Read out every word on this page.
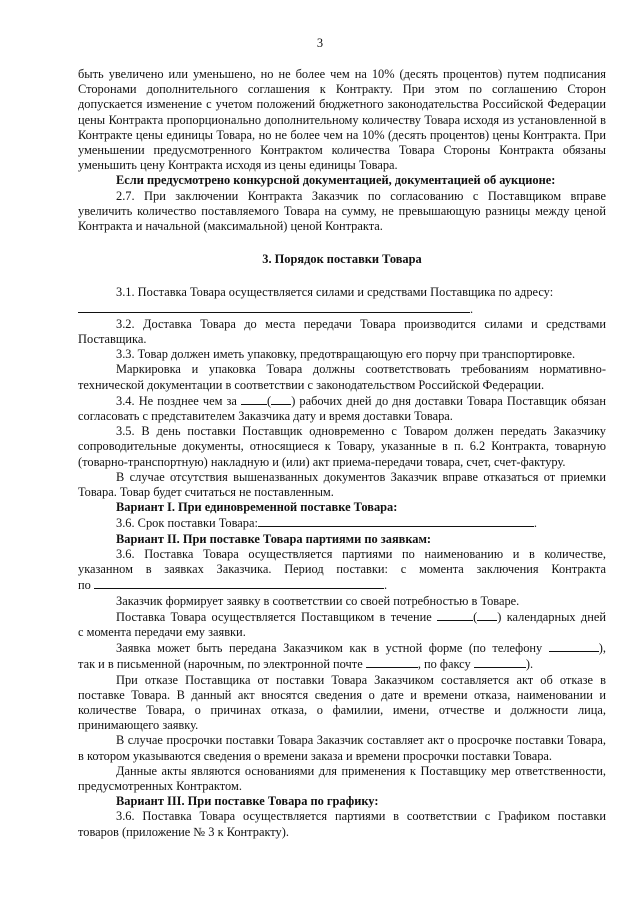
3

быть увеличено или уменьшено, но не более чем на 10% (десять процентов) путем подписания Сторонами дополнительного соглашения к Контракту. При этом по соглашению Сторон допускается изменение с учетом положений бюджетного законодательства Российской Федерации цены Контракта пропорционально дополнительному количеству Товара исходя из установленной в Контракте цены единицы Товара, но не более чем на 10% (десять процентов) цены Контракта. При уменьшении предусмотренного Контрактом количества Товара Стороны Контракта обязаны уменьшить цену Контракта исходя из цены единицы Товара.

Если предусмотрено конкурсной документацией, документацией об аукционе:

2.7. При заключении Контракта Заказчик по согласованию с Поставщиком вправе увеличить количество поставляемого Товара на сумму, не превышающую разницы между ценой Контракта и начальной (максимальной) ценой Контракта.

3. Порядок поставки Товара

3.1. Поставка Товара осуществляется силами и средствами Поставщика по адресу:

.

3.2. Доставка Товара до места передачи Товара производится силами и средствами Поставщика.

3.3. Товар должен иметь упаковку, предотвращающую его порчу при транспортировке.

Маркировка и упаковка Товара должны соответствовать требованиям нормативно-технической документации в соответствии с законодательством Российской Федерации.

3.4. Не позднее чем за ( ) рабочих дней до дня доставки Товара Поставщик обязан согласовать с представителем Заказчика дату и время доставки Товара.

3.5. В день поставки Поставщик одновременно с Товаром должен передать Заказчику сопроводительные документы, относящиеся к Товару, указанные в п. 6.2 Контракта, товарную (товарно-транспортную) накладную и (или) акт приема-передачи товара, счет, счет-фактуру.

В случае отсутствия вышеназванных документов Заказчик вправе отказаться от приемки Товара. Товар будет считаться не поставленным.

Вариант I. При единовременной поставке Товара:

3.6. Срок поставки Товара:	.

Вариант II. При поставке Товара партиями по заявкам:

3.6. Поставка Товара осуществляется партиями по наименованию и в количестве,

указанном в заявках Заказчика. Период поставки: с момента заключения Контракта

по	.

Заказчик формирует заявку в соответствии со своей потребностью в Товаре.

Поставка Товара осуществляется Поставщиком в течение	( ) календарных дней

с момента передачи ему заявки.

Заявка может быть передана Заказчиком как в устной форме (по телефону	),

так и в письменной (нарочным, по электронной почте	, по факсу	).

При отказе Поставщика от поставки Товара Заказчиком составляется акт об отказе в поставке Товара. В данный акт вносятся сведения о дате и времени отказа, наименовании и количестве Товара, о причинах отказа, о фамилии, имени, отчестве и должности лица, принимающего заявку.

В случае просрочки поставки Товара Заказчик составляет акт о просрочке поставки Товара, в котором указываются сведения о времени заказа и времени просрочки поставки Товара.

Данные акты являются основаниями для применения к Поставщику мер ответственности, предусмотренных Контрактом.

Вариант III. При поставке Товара по графику:

3.6. Поставка Товара осуществляется партиями в соответствии с Графиком поставки товаров (приложение № 3 к Контракту).
